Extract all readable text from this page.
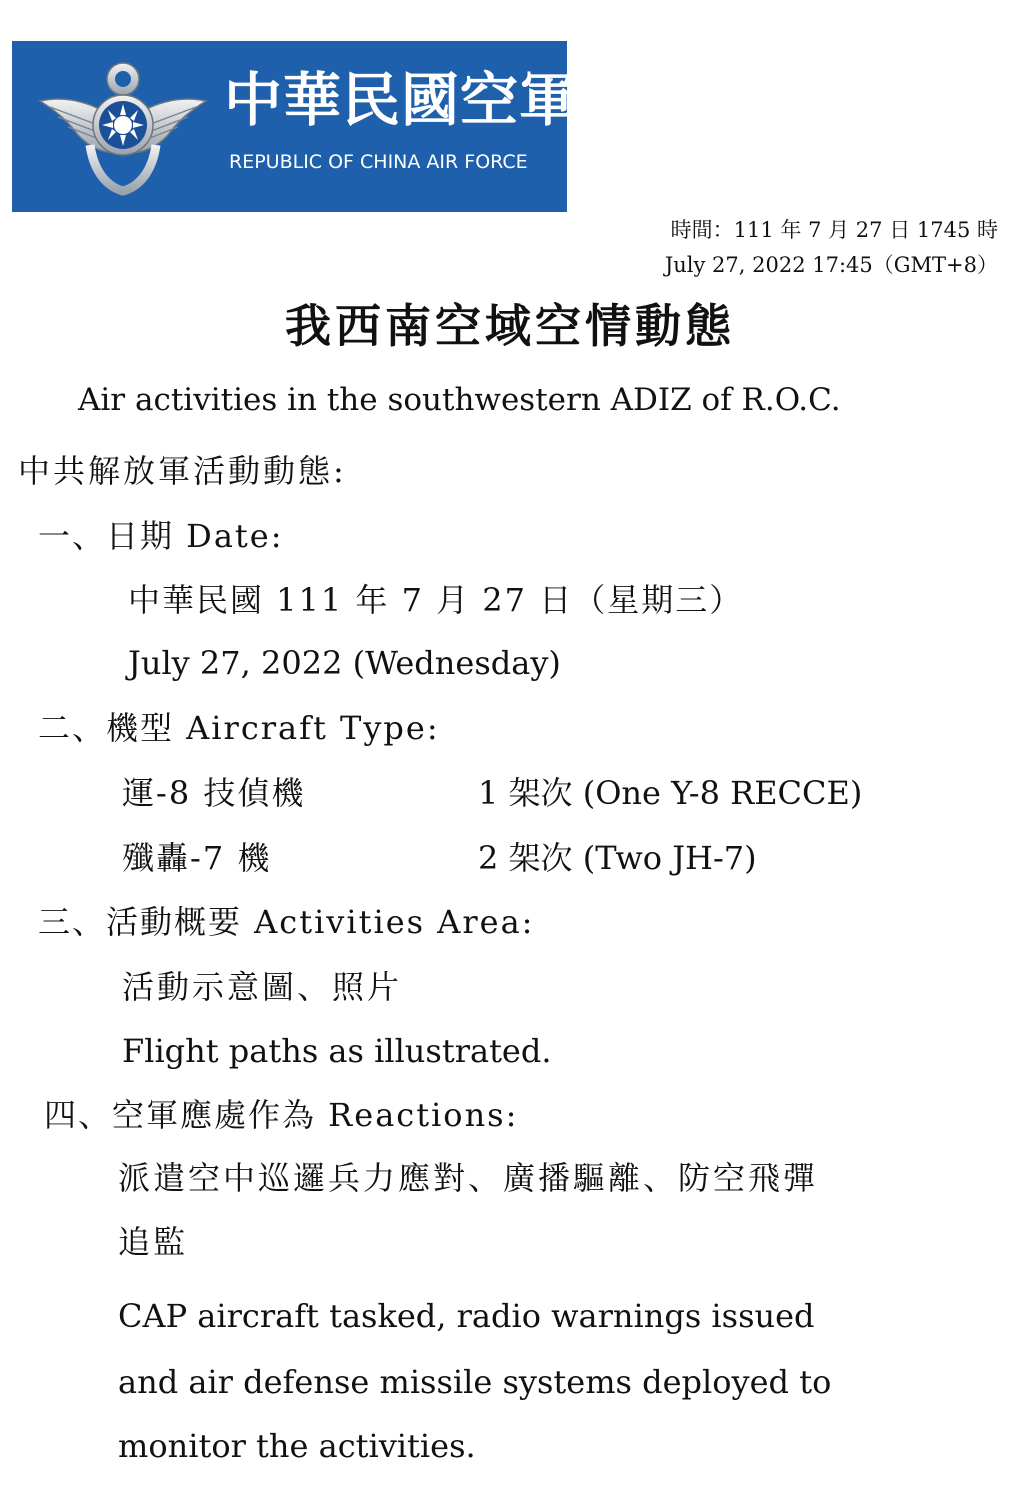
中華民國空軍
REPUBLIC OF CHINA AIR FORCE
時間：111 年 7 月 27 日 1745 時
July 27, 2022 17:45（GMT+8）
我西南空域空情動態
Air activities in the southwestern ADIZ of R.O.C.
中共解放軍活動動態:
一、日期 Date:
中華民國 111 年 7 月 27 日（星期三）
July 27, 2022 (Wednesday)
二、機型 Aircraft Type:
運-8 技偵機	1 架次 (One Y-8 RECCE)
殲轟-7 機	2 架次 (Two JH-7)
三、活動概要 Activities Area:
活動示意圖、照片
Flight paths as illustrated.
四、空軍應處作為 Reactions:
派遣空中巡邏兵力應對、廣播驅離、防空飛彈
追監
CAP aircraft tasked, radio warnings issued
and air defense missile systems deployed to
monitor the activities.
